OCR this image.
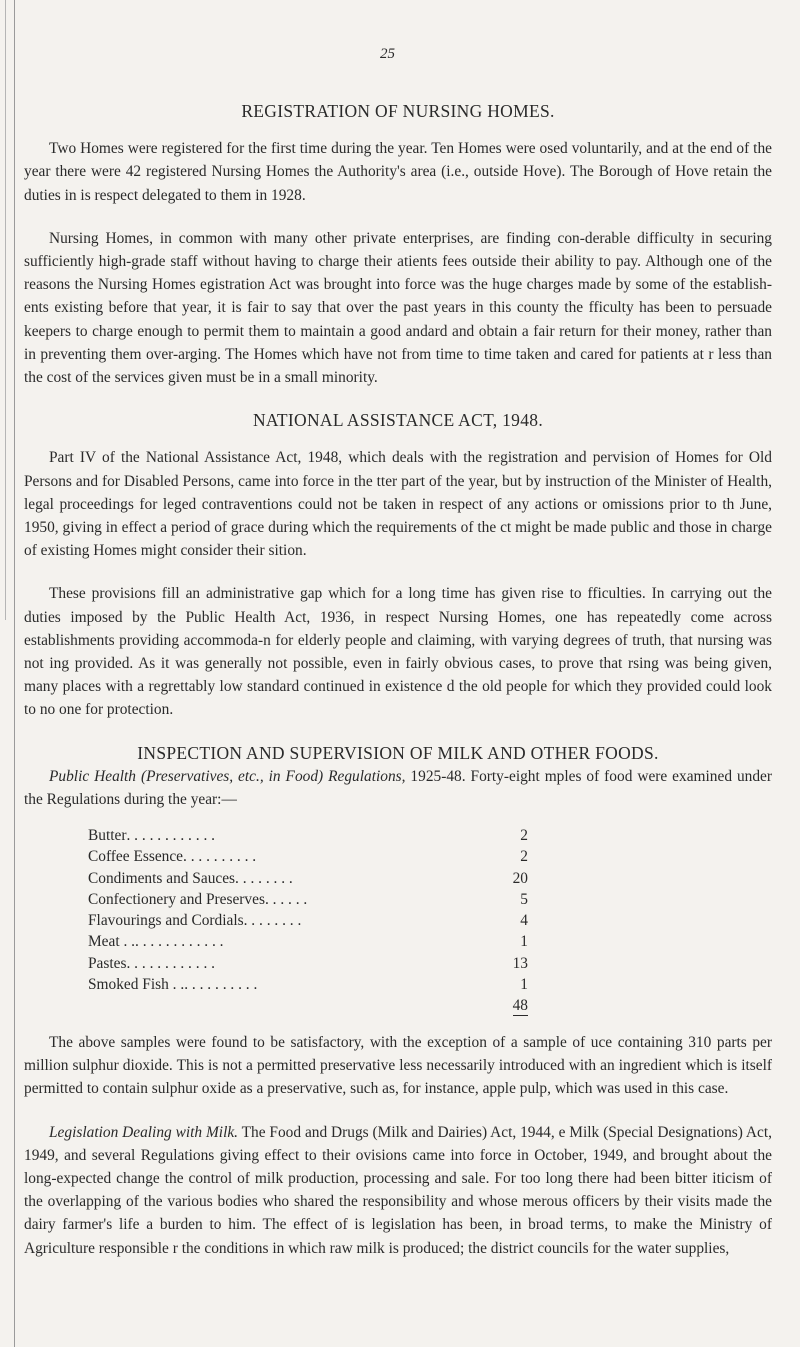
25
REGISTRATION OF NURSING HOMES.

Two Homes were registered for the first time during the year. Ten Homes were osed voluntarily, and at the end of the year there were 42 registered Nursing Homes the Authority's area (i.e., outside Hove). The Borough of Hove retain the duties in is respect delegated to them in 1928.

Nursing Homes, in common with many other private enterprises, are finding con-derable difficulty in securing sufficiently high-grade staff without having to charge their atients fees outside their ability to pay. Although one of the reasons the Nursing Homes egistration Act was brought into force was the huge charges made by some of the establish-ents existing before that year, it is fair to say that over the past years in this county the fficulty has been to persuade keepers to charge enough to permit them to maintain a good andard and obtain a fair return for their money, rather than in preventing them over-arging. The Homes which have not from time to time taken and cared for patients at r less than the cost of the services given must be in a small minority.

NATIONAL ASSISTANCE ACT, 1948.

Part IV of the National Assistance Act, 1948, which deals with the registration and pervision of Homes for Old Persons and for Disabled Persons, came into force in the tter part of the year, but by instruction of the Minister of Health, legal proceedings for leged contraventions could not be taken in respect of any actions or omissions prior to th June, 1950, giving in effect a period of grace during which the requirements of the ct might be made public and those in charge of existing Homes might consider their sition.

These provisions fill an administrative gap which for a long time has given rise to fficulties. In carrying out the duties imposed by the Public Health Act, 1936, in respect Nursing Homes, one has repeatedly come across establishments providing accommoda-n for elderly people and claiming, with varying degrees of truth, that nursing was not ing provided. As it was generally not possible, even in fairly obvious cases, to prove that rsing was being given, many places with a regrettably low standard continued in existence d the old people for which they provided could look to no one for protection.

INSPECTION AND SUPERVISION OF MILK AND OTHER FOODS.

Public Health (Preservatives, etc., in Food) Regulations, 1925-48. Forty-eight mples of food were examined under the Regulations during the year:—

Butter . . . . . . . . . . . .	2
Coffee Essence . . . . . . . . . .	2
Condiments and Sauces . . . . . . . .	20
Confectionery and Preserves . . . . . .	5
Flavourings and Cordials . . . . . . . .	4
Meat . . . . . . . . . . . . . .	1
Pastes . . . . . . . . . . . .	13
Smoked Fish . . . . . . . . . . . .	1
48

The above samples were found to be satisfactory, with the exception of a sample of uce containing 310 parts per million sulphur dioxide. This is not a permitted preservative less necessarily introduced with an ingredient which is itself permitted to contain sulphur oxide as a preservative, such as, for instance, apple pulp, which was used in this case.

Legislation Dealing with Milk. The Food and Drugs (Milk and Dairies) Act, 1944, e Milk (Special Designations) Act, 1949, and several Regulations giving effect to their ovisions came into force in October, 1949, and brought about the long-expected change the control of milk production, processing and sale. For too long there had been bitter iticism of the overlapping of the various bodies who shared the responsibility and whose merous officers by their visits made the dairy farmer's life a burden to him. The effect of is legislation has been, in broad terms, to make the Ministry of Agriculture responsible r the conditions in which raw milk is produced; the district councils for the water supplies,
